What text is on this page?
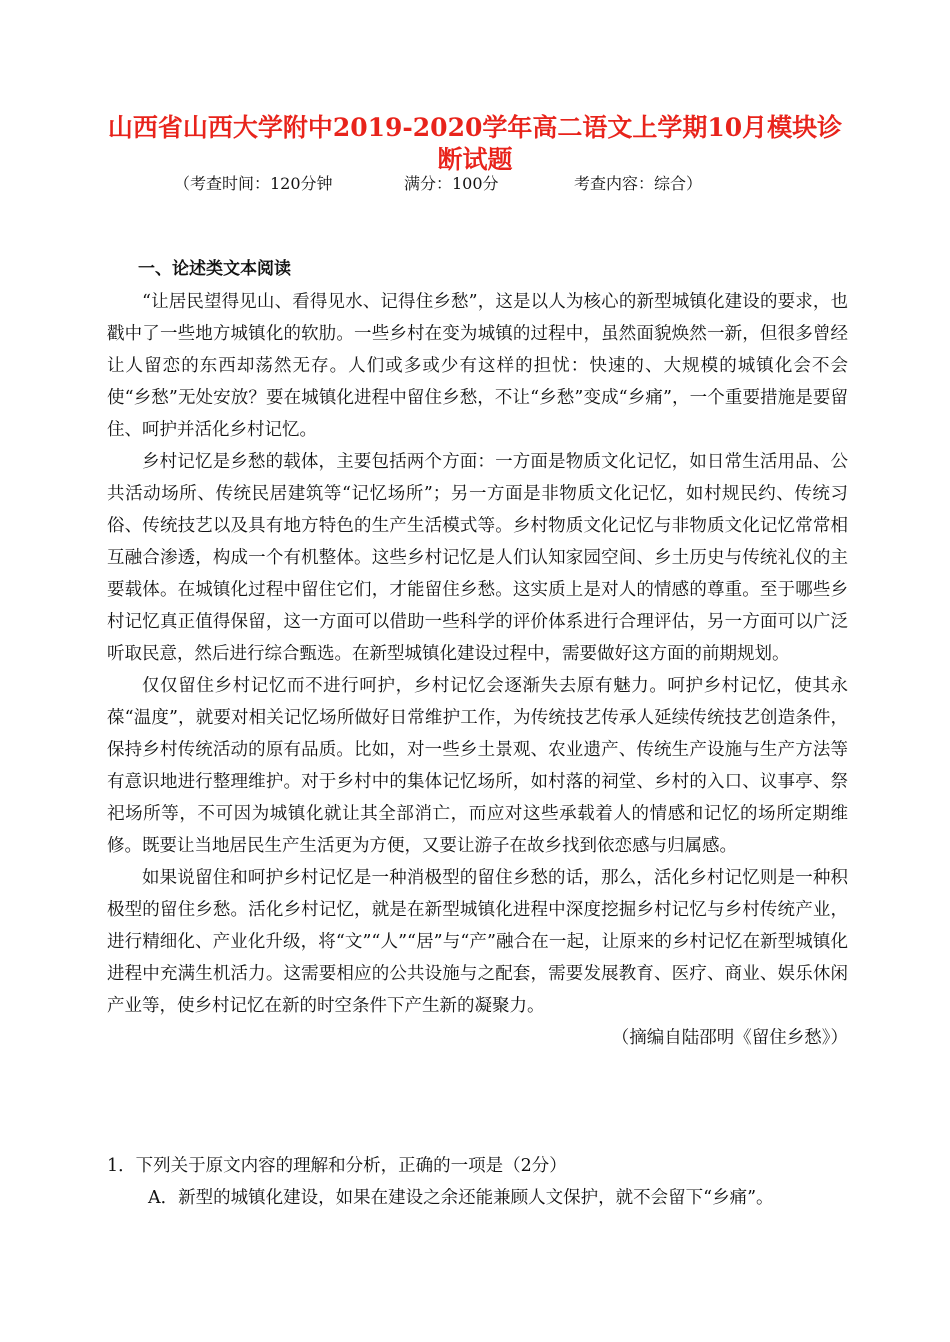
山西省山西大学附中2019-2020学年高二语文上学期10月模块诊断试题
（考查时间：120分钟	满分：100分	考查内容：综合）
一、论述类文本阅读

“让居民望得见山、看得见水、记得住乡愁”，这是以人为核心的新型城镇化建设的要求，也戳中了一些地方城镇化的软肋。一些乡村在变为城镇的过程中，虽然面貌焕然一新，但很多曾经让人留恋的东西却荡然无存。人们或多或少有这样的担忧：快速的、大规模的城镇化会不会使“乡愁”无处安放？要在城镇化进程中留住乡愁，不让“乡愁”变成“乡痛”，一个重要措施是要留住、呵护并活化乡村记忆。

乡村记忆是乡愁的载体，主要包括两个方面：一方面是物质文化记忆，如日常生活用品、公共活动场所、传统民居建筑等“记忆场所”；另一方面是非物质文化记忆，如村规民约、传统习俗、传统技艺以及具有地方特色的生产生活模式等。乡村物质文化记忆与非物质文化记忆常常相互融合渗透，构成一个有机整体。这些乡村记忆是人们认知家园空间、乡土历史与传统礼仪的主要载体。在城镇化过程中留住它们，才能留住乡愁。这实质上是对人的情感的尊重。至于哪些乡村记忆真正值得保留，这一方面可以借助一些科学的评价体系进行合理评估，另一方面可以广泛听取民意，然后进行综合甄选。在新型城镇化建设过程中，需要做好这方面的前期规划。

仅仅留住乡村记忆而不进行呵护，乡村记忆会逐渐失去原有魅力。呵护乡村记忆，使其永葆“温度”，就要对相关记忆场所做好日常维护工作，为传统技艺传承人延续传统技艺创造条件，保持乡村传统活动的原有品质。比如，对一些乡土景观、农业遗产、传统生产设施与生产方法等有意识地进行整理维护。对于乡村中的集体记忆场所，如村落的祠堂、乡村的入口、议事亭、祭祀场所等，不可因为城镇化就让其全部消亡，而应对这些承载着人的情感和记忆的场所定期维修。既要让当地居民生产生活更为方便，又要让游子在故乡找到依恋感与归属感。

如果说留住和呵护乡村记忆是一种消极型的留住乡愁的话，那么，活化乡村记忆则是一种积极型的留住乡愁。活化乡村记忆，就是在新型城镇化进程中深度挖掘乡村记忆与乡村传统产业，进行精细化、产业化升级，将“文”“人”“居”与“产”融合在一起，让原来的乡村记忆在新型城镇化进程中充满生机活力。这需要相应的公共设施与之配套，需要发展教育、医疗、商业、娱乐休闲产业等，使乡村记忆在新的时空条件下产生新的凝聚力。

（摘编自陆邵明《留住乡愁》）

1．下列关于原文内容的理解和分析，正确的一项是（2分）

A．新型的城镇化建设，如果在建设之余还能兼顾人文保护，就不会留下“乡痛”。
